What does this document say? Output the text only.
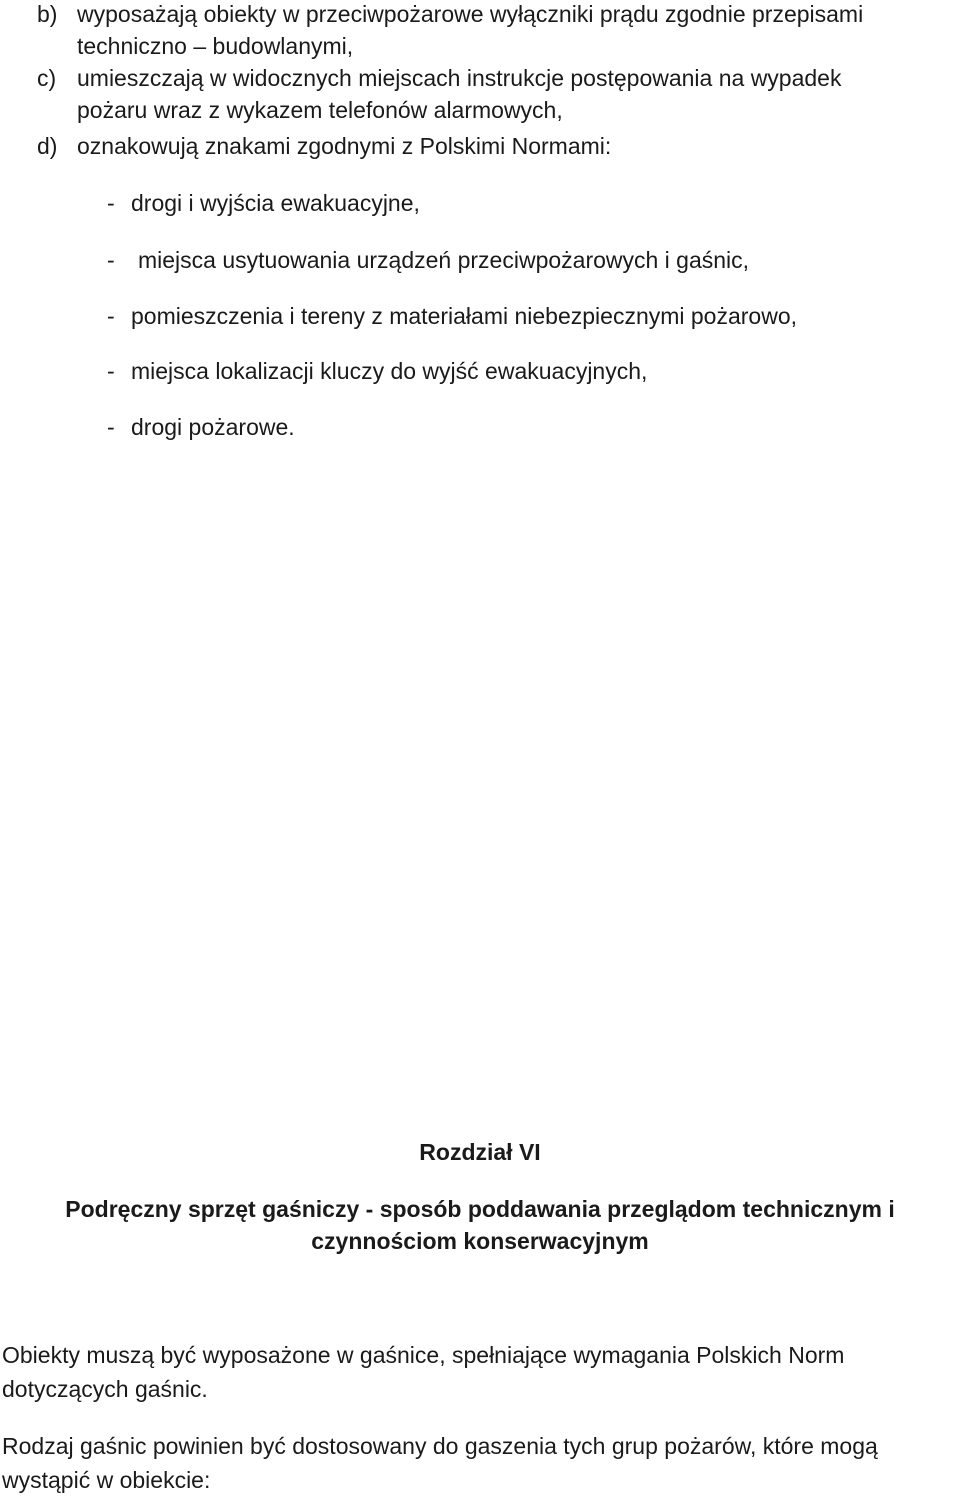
b) wyposażają obiekty w przeciwpożarowe wyłączniki prądu zgodnie przepisami
techniczno – budowlanymi,
c) umieszczają w widocznych miejscach instrukcje postępowania na wypadek
pożaru wraz z wykazem telefonów alarmowych,
d) oznakowują znakami zgodnymi z Polskimi Normami:
- drogi i wyjścia ewakuacyjne,
- miejsca usytuowania urządzeń przeciwpożarowych i gaśnic,
- pomieszczenia i tereny z materiałami niebezpiecznymi pożarowo,
- miejsca lokalizacji kluczy do wyjść ewakuacyjnych,
- drogi pożarowe.
Rozdział VI
Podręczny sprzęt gaśniczy - sposób poddawania przeglądom technicznym i
czynnościom konserwacyjnym
Obiekty muszą być wyposażone w gaśnice, spełniające wymagania Polskich Norm dotyczących gaśnic.
Rodzaj gaśnic powinien być dostosowany do gaszenia tych grup pożarów, które mogą wystąpić w obiekcie:
